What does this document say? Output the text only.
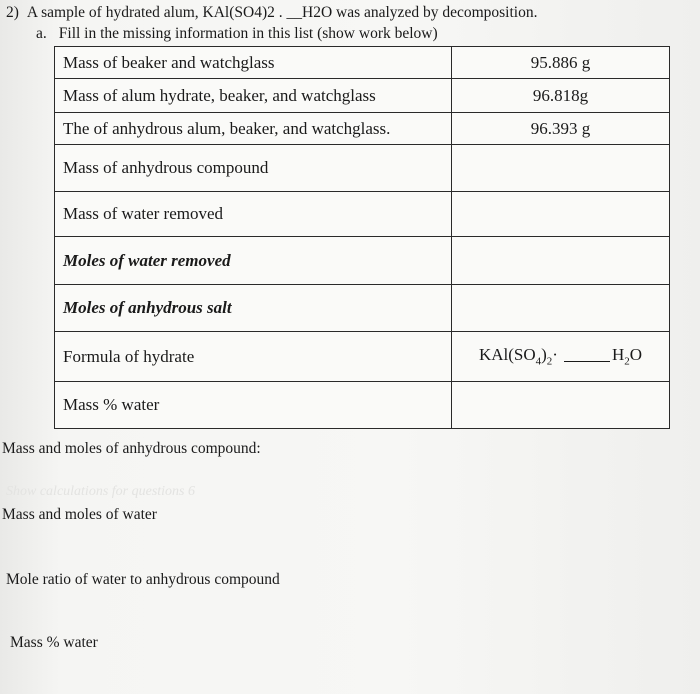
2) A sample of hydrated alum, KAl(SO4)2 . __H2O was analyzed by decomposition.
a. Fill in the missing information in this list (show work below)
Mass of beaker and watchglass	95.886 g
Mass of alum hydrate, beaker, and watchglass	96.818g
The of anhydrous alum, beaker, and watchglass.	96.393 g
Mass of anhydrous compound	
Mass of water removed	
Moles of water removed	
Moles of anhydrous salt	
Formula of hydrate	$KAl(SO_4)_2\cdot H_2O$
Mass % water	
Show calculations for questions 6
Mass and moles of anhydrous compound:
Mass and moles of water
Mole ratio of water to anhydrous compound
Mass % water
